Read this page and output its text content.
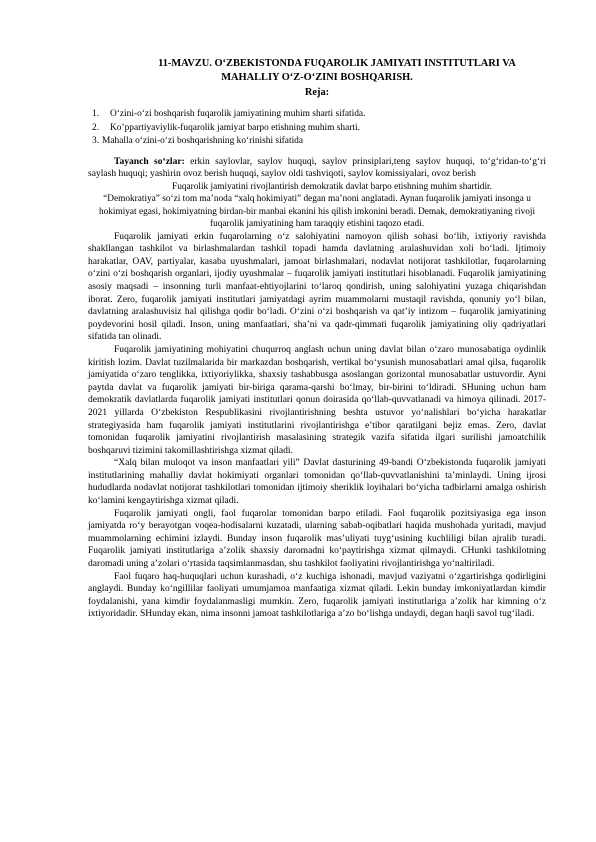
11-MAVZU. O‘ZBEKISTONDA FUQAROLIK JAMIYATI INSTITUTLARI VA
MAHALLIY O‘Z-O‘ZINI BOSHQARISH.
Reja:
1. O‘zini-o‘zi boshqarish fuqarolik jamiyatining muhim sharti sifatida.
2. Ko’ppartiyaviylik-fuqarolik jamiyat barpo etishning muhim sharti.
3. Mahalla o‘zini-o‘zi boshqarishning ko‘rinishi sifatida

Tayanch so‘zlar: erkin saylovlar, saylov huquqi, saylov prinsiplari,teng saylov huquqi, to‘g‘ridan-to‘g‘ri saylash huquqi; yashirin ovoz berish huquqi, saylov oldi tashviqoti, saylov komissiyalari, ovoz berish

Fuqarolik jamiyatini rivojlantirish demokratik davlat barpo etishning muhim shartidir.
“Demokratiya” so‘zi tom ma’noda “xalq hokimiyati” degan ma’noni anglatadi. Aynan fuqarolik jamiyati insonga u hokimiyat egasi, hokimiyatning birdan-bir manbai ekanini his qilish imkonini beradi. Demak, demokratiyaning rivoji fuqarolik jamiyatining ham taraqqiy etishini taqozo etadi.

Fuqarolik jamiyati erkin fuqarolarning o‘z salohiyatini namoyon qilish sohasi bo‘lib, ixtiyoriy ravishda shakllangan tashkilot va birlashmalardan tashkil topadi hamda davlatning aralashuvidan xoli bo‘ladi. Ijtimoiy harakatlar, OAV, partiyalar, kasaba uyushmalari, jamoat birlashmalari, nodavlat notijorat tashkilotlar, fuqarolarning o‘zini o‘zi boshqarish organlari, ijodiy uyushmalar – fuqarolik jamiyati institutlari hisoblanadi. Fuqarolik jamiyatining asosiy maqsadi – insonning turli manfaat-ehtiyojlarini to‘laroq qondirish, uning salohiyatini yuzaga chiqarishdan iborat. Zero, fuqarolik jamiyati institutlari jamiyatdagi ayrim muammolarni mustaqil ravishda, qonuniy yo‘l bilan, davlatning aralashuvisiz hal qilishga qodir bo‘ladi. O‘zini o‘zi boshqarish va qat’iy intizom – fuqarolik jamiyatining poydevorini hosil qiladi. Inson, uning manfaatlari, sha’ni va qadr-qimmati fuqarolik jamiyatining oliy qadriyatlari sifatida tan olinadi.

Fuqarolik jamiyatining mohiyatini chuqurroq anglash uchun uning davlat bilan o‘zaro munosabatiga oydinlik kiritish lozim. Davlat tuzilmalarida bir markazdan boshqarish, vertikal bo‘ysunish munosabatlari amal qilsa, fuqarolik jamiyatida o‘zaro tenglikka, ixtiyoriylikka, shaxsiy tashabbusga asoslangan gorizontal munosabatlar ustuvordir. Ayni paytda davlat va fuqarolik jamiyati bir-biriga qarama-qarshi bo‘lmay, bir-birini to‘ldiradi. SHuning uchun ham demokratik davlatlarda fuqarolik jamiyati institutlari qonun doirasida qo‘llab-quvvatlanadi va himoya qilinadi. 2017-2021 yillarda O‘zbekiston Respublikasini rivojlantirishning beshta ustuvor yo‘nalishlari bo‘yicha harakatlar strategiyasida ham fuqarolik jamiyati institutlarini rivojlantirishga e’tibor qaratilgani bejiz emas. Zero, davlat tomonidan fuqarolik jamiyatini rivojlantirish masalasining strategik vazifa sifatida ilgari surilishi jamoatchilik boshqaruvi tizimini takomillashtirishga xizmat qiladi.

“Xalq bilan muloqot va inson manfaatlari yili” Davlat dasturining 49-bandi O‘zbekistonda fuqarolik jamiyati institutlarining mahalliy davlat hokimiyati organlari tomonidan qo‘llab-quvvatlanishini ta’minlaydi. Uning ijrosi hududlarda nodavlat notijorat tashkilotlari tomonidan ijtimoiy sheriklik loyihalari bo‘yicha tadbirlarni amalga oshirish ko‘lamini kengaytirishga xizmat qiladi.

Fuqarolik jamiyati ongli, faol fuqarolar tomonidan barpo etiladi. Faol fuqarolik pozitsiyasiga ega inson jamiyatda ro‘y berayotgan voqea-hodisalarni kuzatadi, ularning sabab-oqibatlari haqida mushohada yuritadi, mavjud muammolarning echimini izlaydi. Bunday inson fuqarolik mas’uliyati tuyg‘usining kuchliligi bilan ajralib turadi. Fuqarolik jamiyati institutlariga a’zolik shaxsiy daromadni ko‘paytirishga xizmat qilmaydi. CHunki tashkilotning daromadi uning a’zolari o‘rtasida taqsimlanmasdan, shu tashkilot faoliyatini rivojlantirishga yo‘naltiriladi.

Faol fuqaro haq-huquqlari uchun kurashadi, o‘z kuchiga ishonadi, mavjud vaziyatni o‘zgartirishga qodirligini anglaydi. Bunday ko‘ngillilar faoliyati umumjamoa manfaatiga xizmat qiladi. Lekin bunday imkoniyatlardan kimdir foydalanishi, yana kimdir foydalanmasligi mumkin. Zero, fuqarolik jamiyati institutlariga a’zolik har kimning o‘z ixtiyoridadir. SHunday ekan, nima insonni jamoat tashkilotlariga a’zo bo‘lishga undaydi, degan haqli savol tug‘iladi.
